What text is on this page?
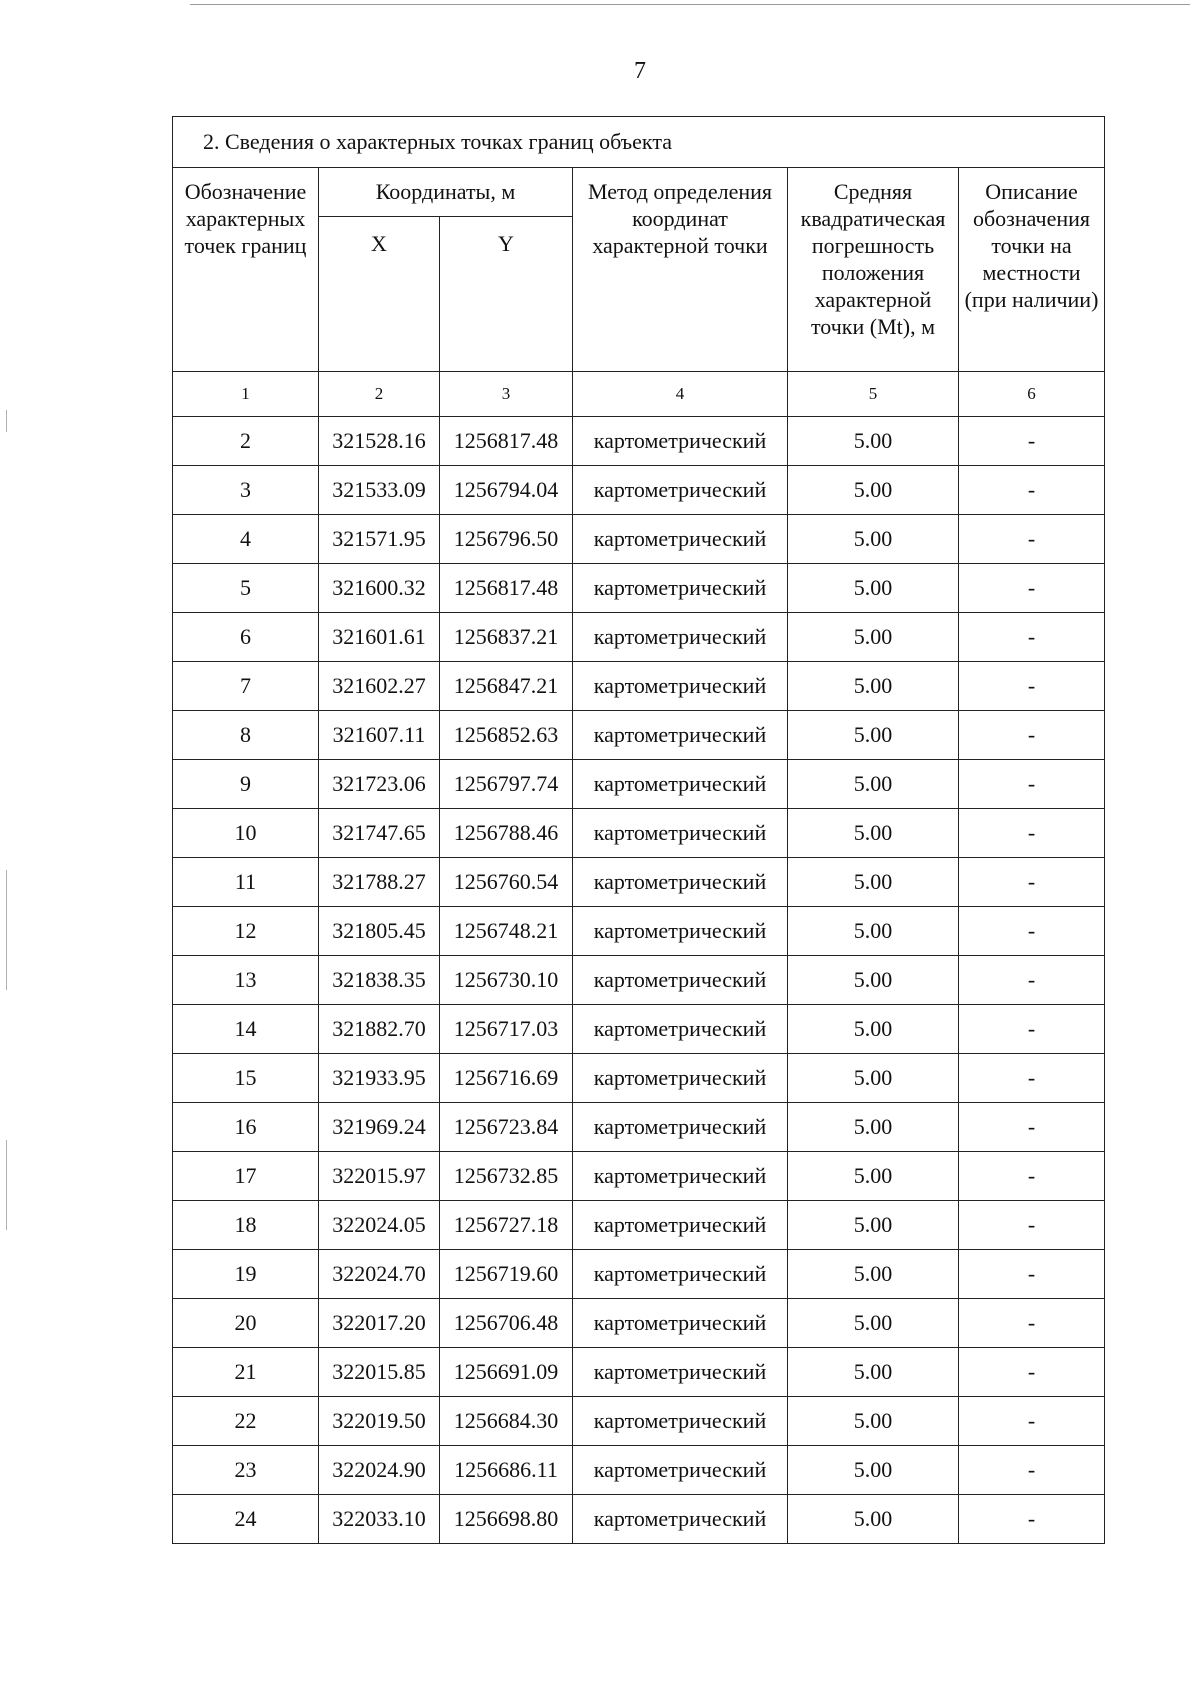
7
2. Сведения о характерных точках границ объекта					
Обозначение характерных точек границ	Координаты, м		Метод определения координат характерной точки	Средняя квадратическая погрешность положения характерной точки (Mt), м	Описание обозначения точки на местности (при наличии)
	X	Y			
1	2	3	4	5	6
2	321528.16	1256817.48	картометрический	5.00	-
3	321533.09	1256794.04	картометрический	5.00	-
4	321571.95	1256796.50	картометрический	5.00	-
5	321600.32	1256817.48	картометрический	5.00	-
6	321601.61	1256837.21	картометрический	5.00	-
7	321602.27	1256847.21	картометрический	5.00	-
8	321607.11	1256852.63	картометрический	5.00	-
9	321723.06	1256797.74	картометрический	5.00	-
10	321747.65	1256788.46	картометрический	5.00	-
11	321788.27	1256760.54	картометрический	5.00	-
12	321805.45	1256748.21	картометрический	5.00	-
13	321838.35	1256730.10	картометрический	5.00	-
14	321882.70	1256717.03	картометрический	5.00	-
15	321933.95	1256716.69	картометрический	5.00	-
16	321969.24	1256723.84	картометрический	5.00	-
17	322015.97	1256732.85	картометрический	5.00	-
18	322024.05	1256727.18	картометрический	5.00	-
19	322024.70	1256719.60	картометрический	5.00	-
20	322017.20	1256706.48	картометрический	5.00	-
21	322015.85	1256691.09	картометрический	5.00	-
22	322019.50	1256684.30	картометрический	5.00	-
23	322024.90	1256686.11	картометрический	5.00	-
24	322033.10	1256698.80	картометрический	5.00	-
